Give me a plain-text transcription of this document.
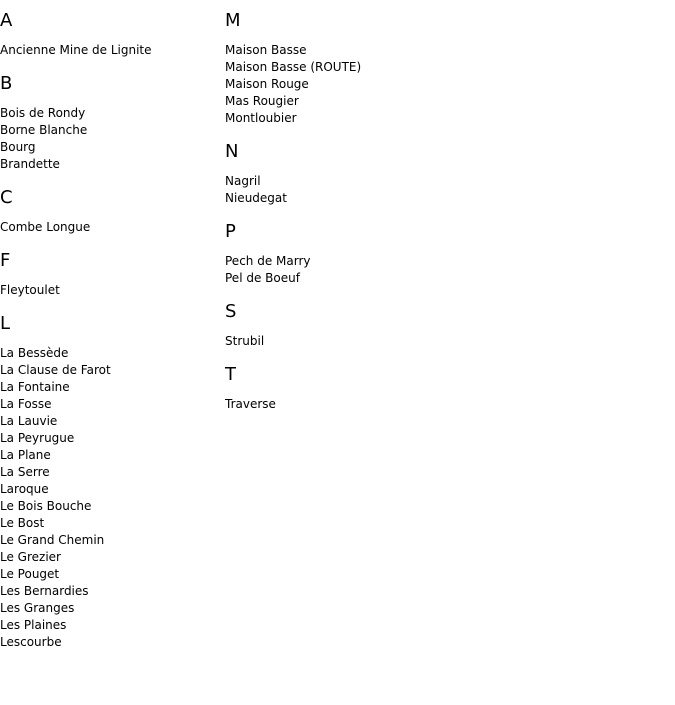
A
Ancienne Mine de Lignite
B
Bois de Rondy
Borne Blanche
Bourg
Brandette
C
Combe Longue
F
Fleytoulet
L
La Bessède
La Clause de Farot
La Fontaine
La Fosse
La Lauvie
La Peyrugue
La Plane
La Serre
Laroque
Le Bois Bouche
Le Bost
Le Grand Chemin
Le Grezier
Le Pouget
Les Bernardies
Les Granges
Les Plaines
Lescourbe
M
Maison Basse
Maison Basse (ROUTE)
Maison Rouge
Mas Rougier
Montloubier
N
Nagril
Nieudegat
P
Pech de Marry
Pel de Boeuf
S
Strubil
T
Traverse
